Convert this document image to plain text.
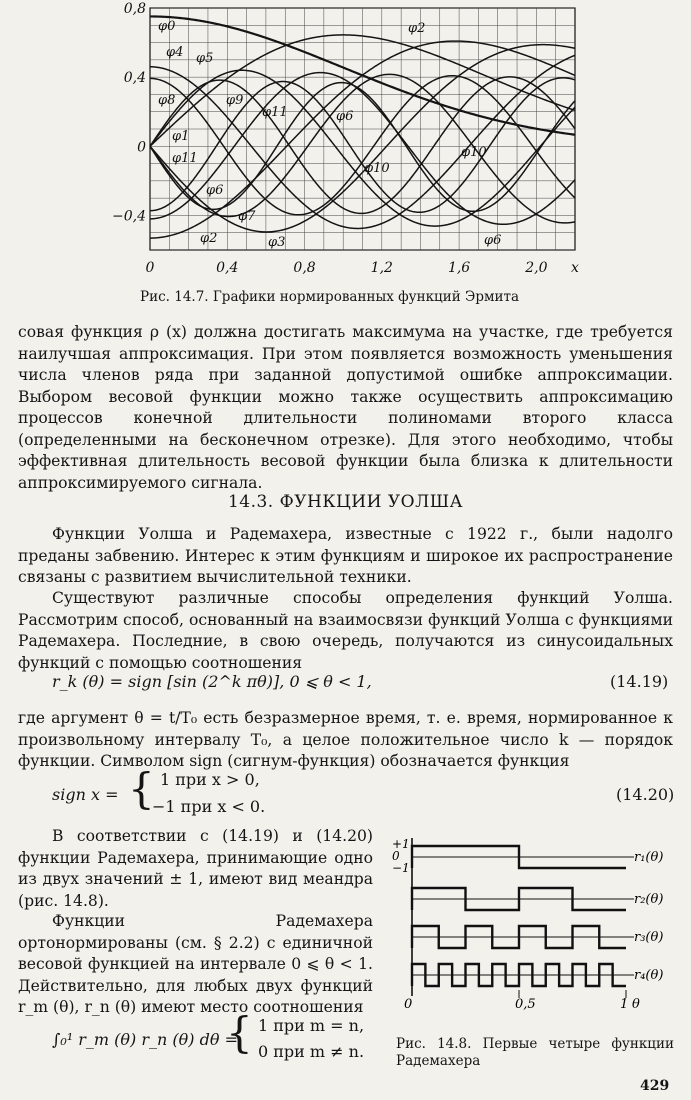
0,8
0,4
0
−0,4
0	0,4	0,8	1,2	1,6	2,0 x
φ0	φ2
φ4 φ5
φ8	φ9
φ11	φ6
φ1
φ10
φ11
φ10
φ6
φ7
φ2	φ3	φ6
Рис. 14.7. Графики нормированных функций Эрмита

совая функция ρ (x) должна достигать максимума на участке, где требуется наилучшая аппроксимация. При этом появляется возможность уменьшения числа членов ряда при заданной допустимой ошибке аппроксимации. Выбором весовой функции можно также осуществить аппроксимацию процессов конечной длительности полиномами второго класса (определенными на бесконечном отрезке). Для этого необходимо, чтобы эффективная длительность весовой функции была близка к длительности аппроксимируемого сигнала.

14.3. ФУНКЦИИ УОЛША

Функции Уолша и Радемахера, известные с 1922 г., были надолго преданы забвению. Интерес к этим функциям и широкое их распространение связаны с развитием вычислительной техники.

Существуют различные способы определения функций Уолша. Рассмотрим способ, основанный на взаимосвязи функций Уолша с функциями Радемахера. Последние, в свою очередь, получаются из синусоидальных функций с помощью соотношения

r_k (θ) = sign [sin (2^k πθ)], 0 ⩽ θ < 1,	(14.19)

где аргумент θ = t/T₀ есть безразмерное время, т. е. время, нормированное к произвольному интервалу T₀, а целое положительное число k — порядок функции. Символом sign (сигнум-функция) обозначается функция

sign x = { 1 при x > 0,
−1 при x < 0.
(14.20)

В соответствии с (14.19) и (14.20) функции Радемахера, принимающие одно из двух значений ± 1, имеют вид меандра (рис. 14.8).

Функции Радемахера ортонормированы (см. § 2.2) с единичной весовой функцией на интервале 0 ⩽ θ < 1. Действительно, для любых двух функций r_m (θ), r_n (θ) имеют место соотношения

∫₀¹ r_m (θ) r_n (θ) dθ =
{ 1 при m = n,
0 при m ≠ n.
r₁(θ)
r₂(θ)
r₃(θ)
r₄(θ)
+1
0
−1
0	0,5	1 θ
Рис. 14.8. Первые четыре функции Радемахера
429
